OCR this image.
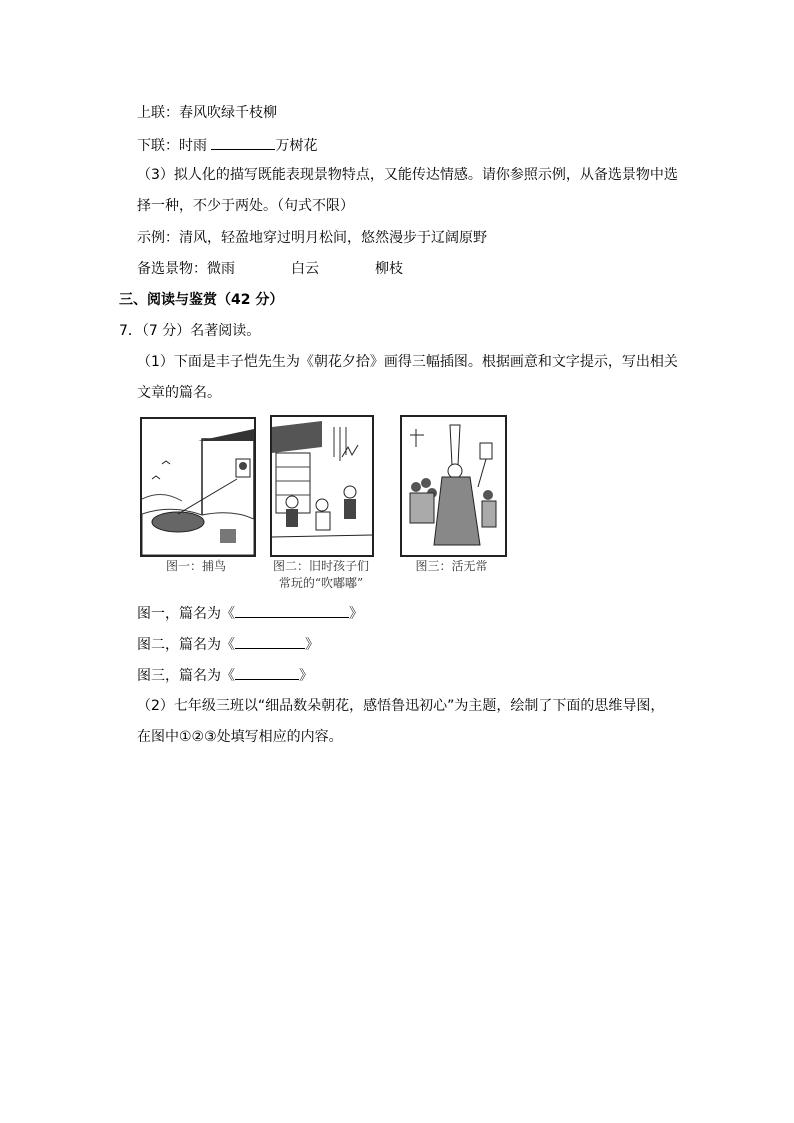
上联：春风吹绿千枝柳
下联：时雨	万树花
（3）拟人化的描写既能表现景物特点，又能传达情感。请你参照示例，从备选景物中选
择一种，不少于两处。（句式不限）
示例：清风，轻盈地穿过明月松间，悠然漫步于辽阔原野
备选景物：微雨	白云	柳枝
三、阅读与鉴赏（42 分）
7．（7 分）名著阅读。
（1）下面是丰子恺先生为《朝花夕拾》画得三幅插图。根据画意和文字提示，写出相关
文章的篇名。
图一：捕鸟	图二：旧时孩子们
常玩的“吹嘟嘟”
图三：活无常
图一，篇名为《	》
图二，篇名为《	》
图三，篇名为《	》
（2）七年级三班以“细品数朵朝花，感悟鲁迅初心”为主题，绘制了下面的思维导图，
在图中①②③处填写相应的内容。
